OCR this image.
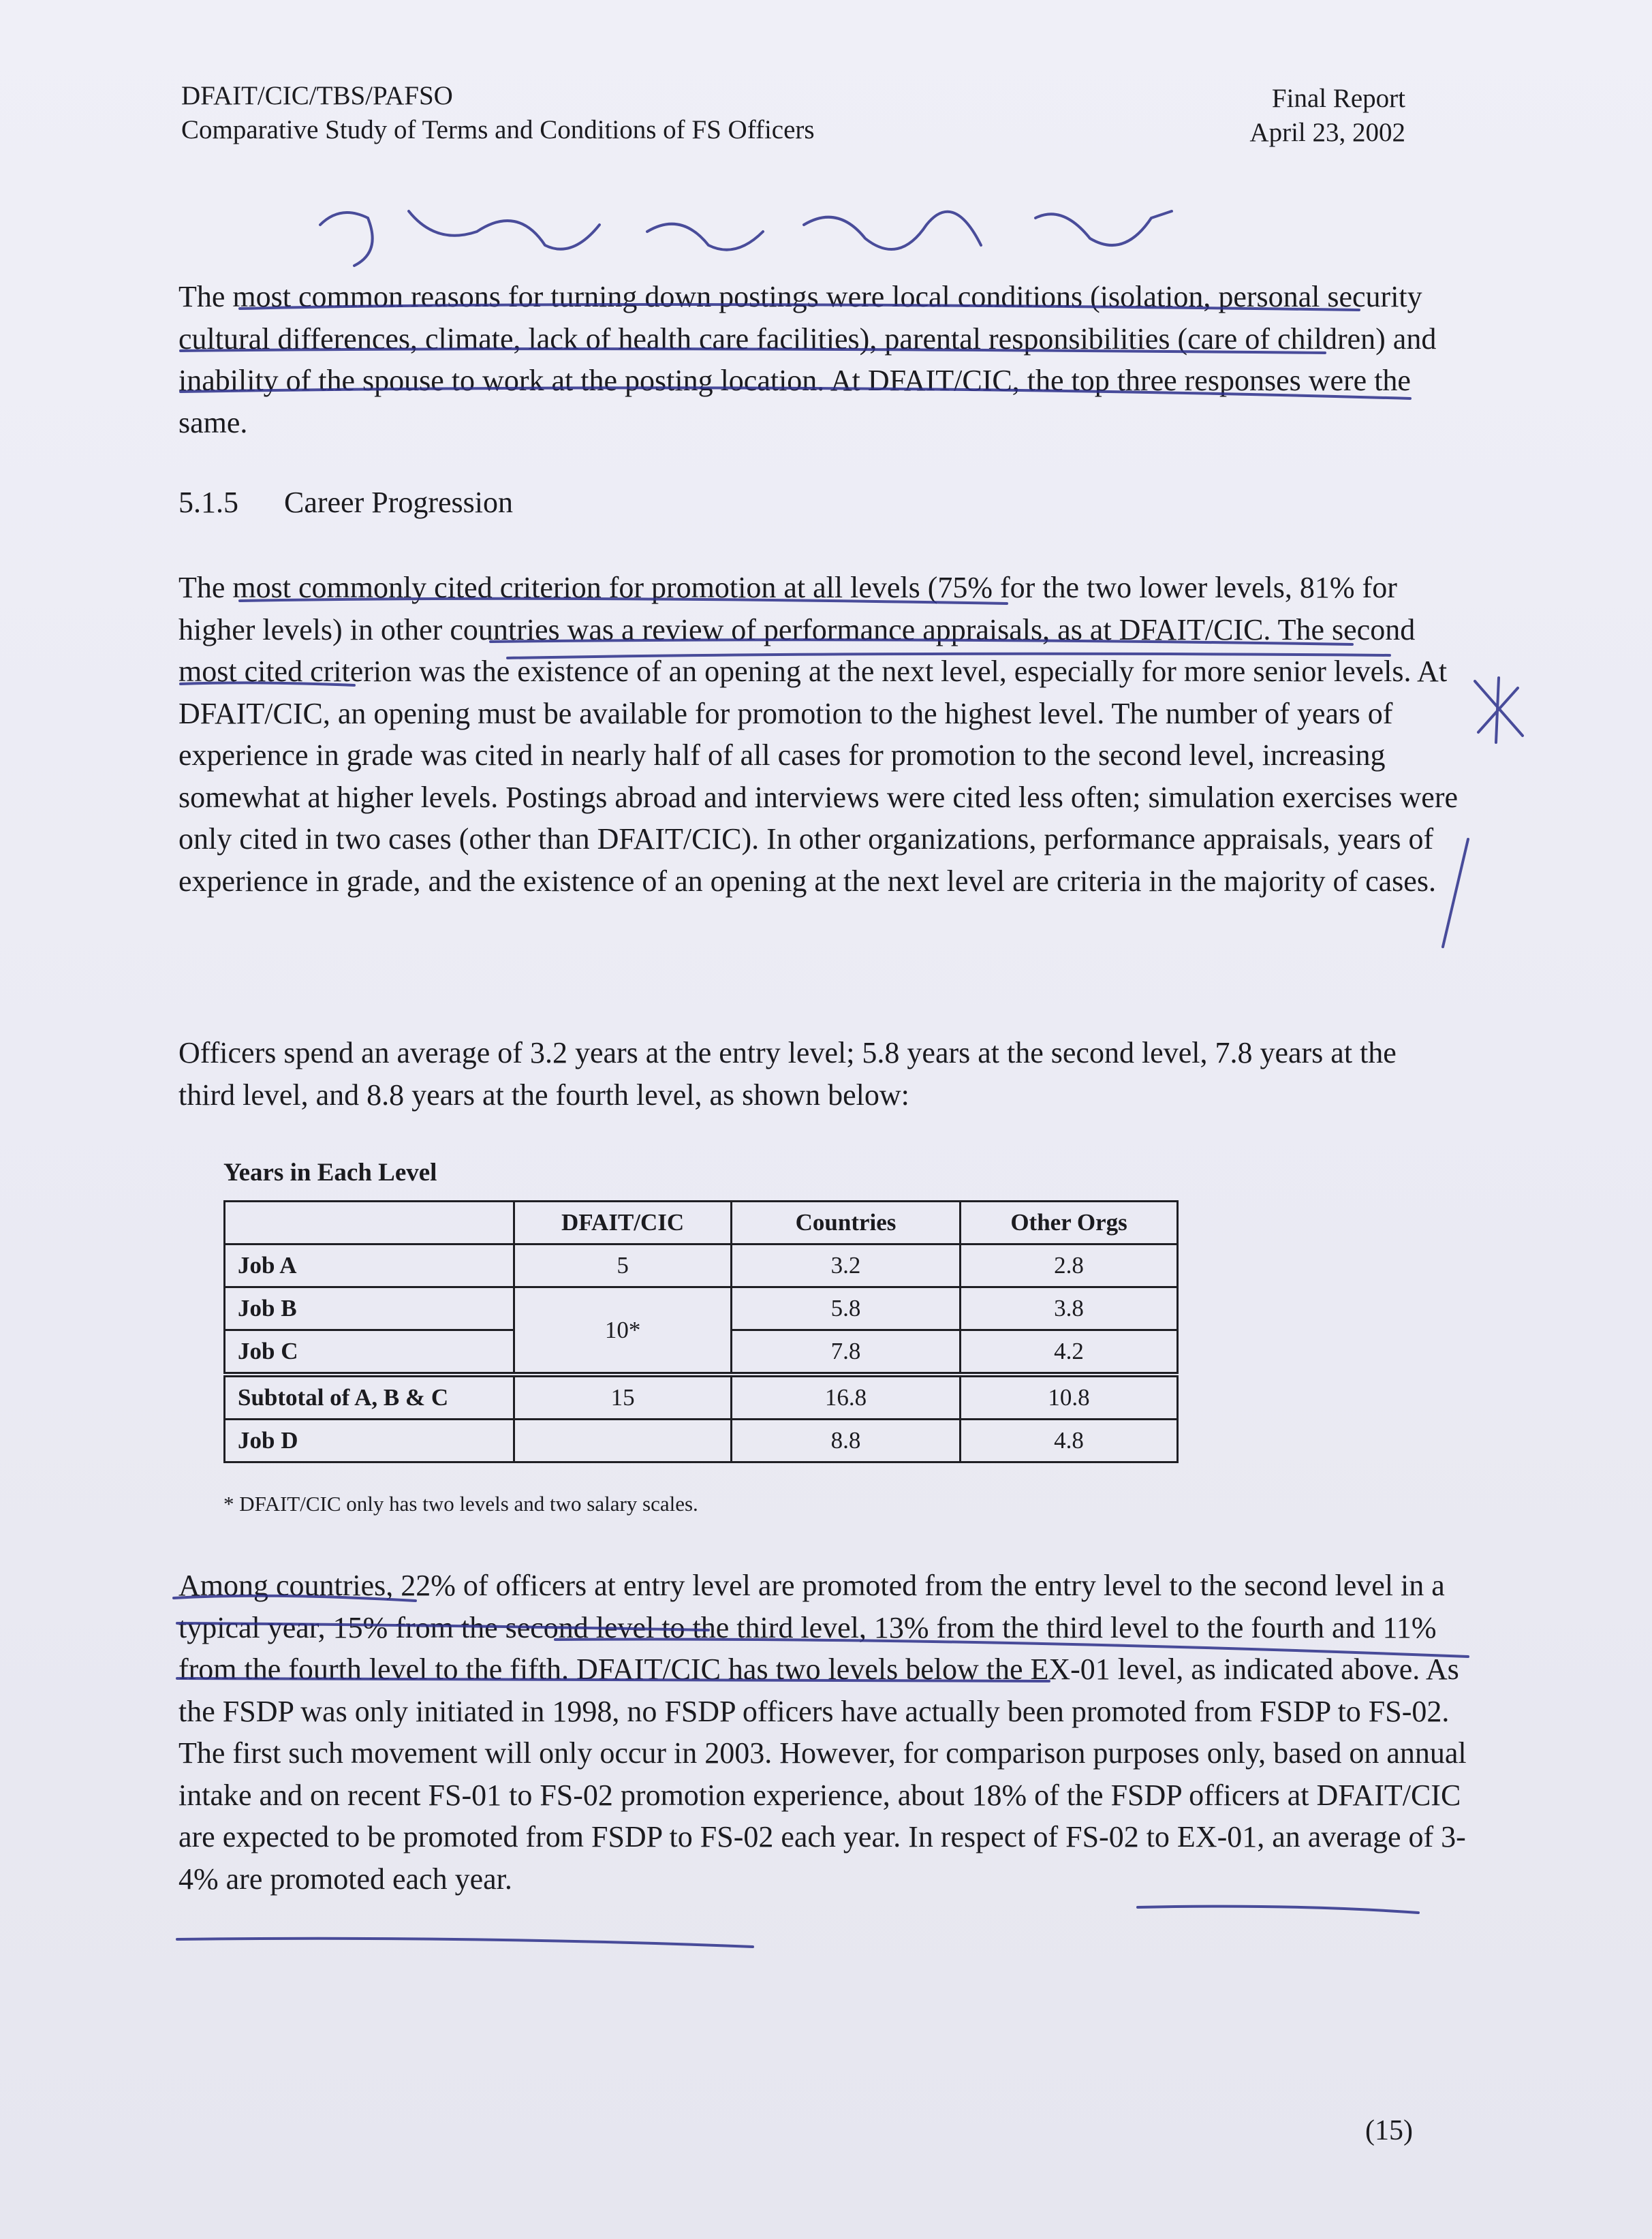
DFAIT/CIC/TBS/PAFSO
Comparative Study of Terms and Conditions of FS Officers
Final Report
April 23, 2002
The most common reasons for turning down postings were local conditions (isolation, personal security cultural differences, climate, lack of health care facilities), parental responsibilities (care of children) and inability of the spouse to work at the posting location. At DFAIT/CIC, the top three responses were the same.
5.1.5 Career Progression
The most commonly cited criterion for promotion at all levels (75% for the two lower levels, 81% for higher levels) in other countries was a review of performance appraisals, as at DFAIT/CIC. The second most cited criterion was the existence of an opening at the next level, especially for more senior levels. At DFAIT/CIC, an opening must be available for promotion to the highest level. The number of years of experience in grade was cited in nearly half of all cases for promotion to the second level, increasing somewhat at higher levels. Postings abroad and interviews were cited less often; simulation exercises were only cited in two cases (other than DFAIT/CIC). In other organizations, performance appraisals, years of experience in grade, and the existence of an opening at the next level are criteria in the majority of cases.
Officers spend an average of 3.2 years at the entry level; 5.8 years at the second level, 7.8 years at the third level, and 8.8 years at the fourth level, as shown below:
Years in Each Level
	DFAIT/CIC	Countries	Other Orgs
Job A	5	3.2	2.8
Job B	10*	5.8	3.8
Job C		7.8	4.2
Subtotal of A, B & C	15	16.8	10.8
Job D		8.8	4.8
* DFAIT/CIC only has two levels and two salary scales.
Among countries, 22% of officers at entry level are promoted from the entry level to the second level in a typical year, 15% from the second level to the third level, 13% from the third level to the fourth and 11% from the fourth level to the fifth. DFAIT/CIC has two levels below the EX-01 level, as indicated above. As the FSDP was only initiated in 1998, no FSDP officers have actually been promoted from FSDP to FS-02. The first such movement will only occur in 2003. However, for comparison purposes only, based on annual intake and on recent FS-01 to FS-02 promotion experience, about 18% of the FSDP officers at DFAIT/CIC are expected to be promoted from FSDP to FS-02 each year. In respect of FS-02 to EX-01, an average of 3-4% are promoted each year.
(15)
